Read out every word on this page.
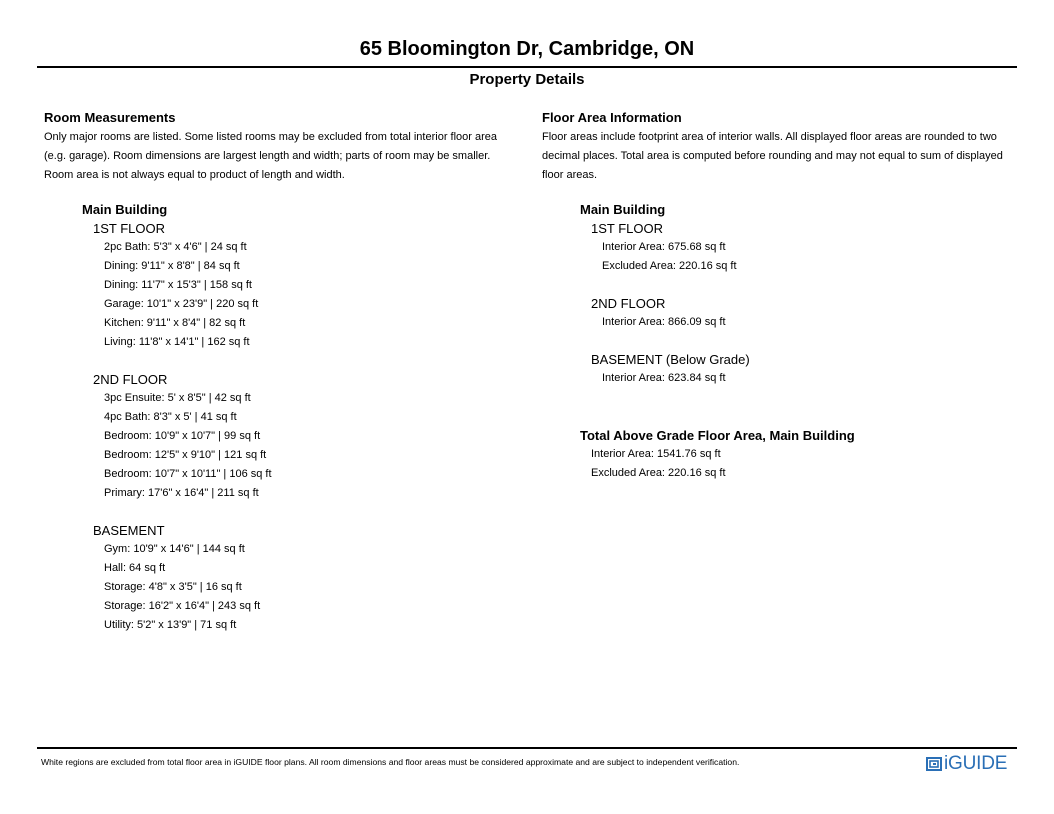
65 Bloomington Dr, Cambridge, ON
Property Details
Room Measurements
Only major rooms are listed. Some listed rooms may be excluded from total interior floor area
(e.g. garage). Room dimensions are largest length and width; parts of room may be smaller.
Room area is not always equal to product of length and width.
Main Building
1ST FLOOR
2pc Bath: 5'3" x 4'6" | 24 sq ft
Dining: 9'11" x 8'8" | 84 sq ft
Dining: 11'7" x 15'3" | 158 sq ft
Garage: 10'1" x 23'9" | 220 sq ft
Kitchen: 9'11" x 8'4" | 82 sq ft
Living: 11'8" x 14'1" | 162 sq ft
2ND FLOOR
3pc Ensuite: 5' x 8'5" | 42 sq ft
4pc Bath: 8'3" x 5' | 41 sq ft
Bedroom: 10'9" x 10'7" | 99 sq ft
Bedroom: 12'5" x 9'10" | 121 sq ft
Bedroom: 10'7" x 10'11" | 106 sq ft
Primary: 17'6" x 16'4" | 211 sq ft
BASEMENT
Gym: 10'9" x 14'6" | 144 sq ft
Hall: 64 sq ft
Storage: 4'8" x 3'5" | 16 sq ft
Storage: 16'2" x 16'4" | 243 sq ft
Utility: 5'2" x 13'9" | 71 sq ft
Floor Area Information
Floor areas include footprint area of interior walls. All displayed floor areas are rounded to two
decimal places. Total area is computed before rounding and may not equal to sum of displayed
floor areas.
Main Building
1ST FLOOR
Interior Area: 675.68 sq ft
Excluded Area: 220.16 sq ft
2ND FLOOR
Interior Area: 866.09 sq ft
BASEMENT (Below Grade)
Interior Area: 623.84 sq ft
Total Above Grade Floor Area, Main Building
Interior Area: 1541.76 sq ft
Excluded Area: 220.16 sq ft
White regions are excluded from total floor area in iGUIDE floor plans. All room dimensions and floor areas must be considered approximate and are subject to independent verification.	iGUIDE
